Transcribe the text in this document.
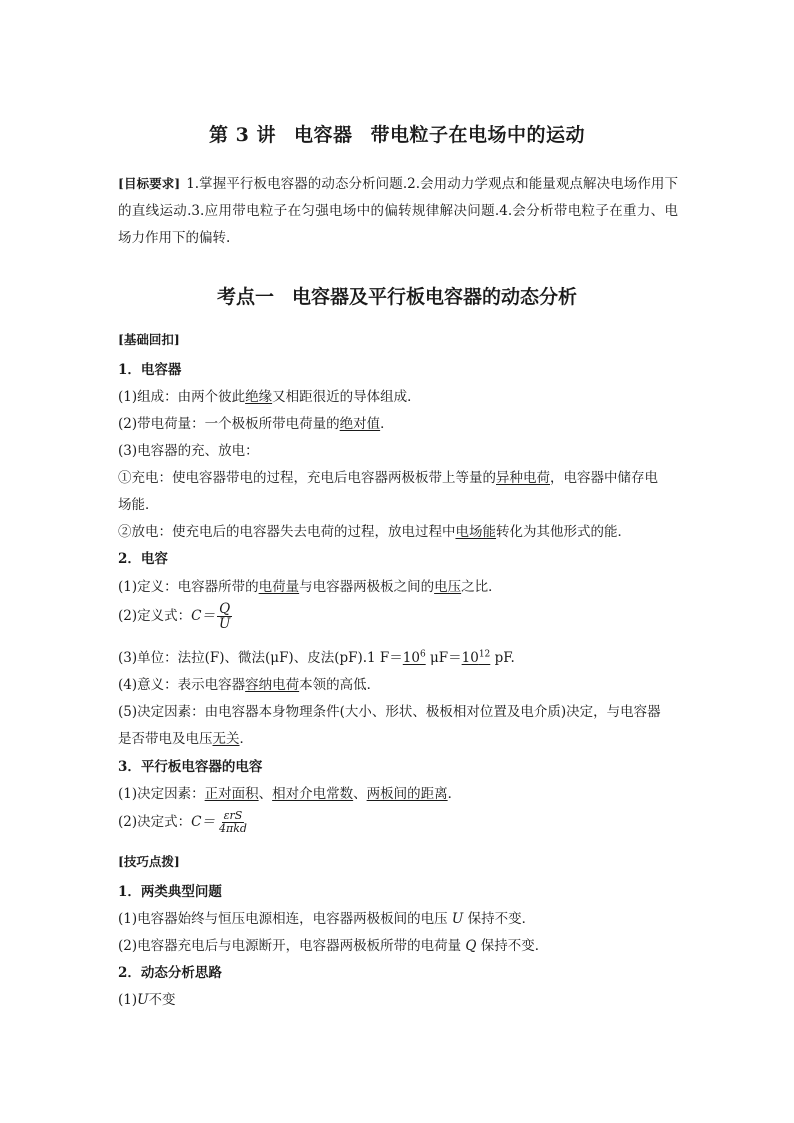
第 3 讲 电容器 带电粒子在电场中的运动
[目标要求] 1.掌握平行板电容器的动态分析问题.2.会用动力学观点和能量观点解决电场作用下的直线运动.3.应用带电粒子在匀强电场中的偏转规律解决问题.4.会分析带电粒子在重力、电场力作用下的偏转.
考点一 电容器及平行板电容器的动态分析
[基础回扣]
1．电容器
(1)组成：由两个彼此绝缘又相距很近的导体组成．
(2)带电荷量：一个极板所带电荷量的绝对值．
(3)电容器的充、放电：
①充电：使电容器带电的过程，充电后电容器两极板带上等量的异种电荷，电容器中储存电
场能．
②放电：使充电后的电容器失去电荷的过程，放电过程中电场能转化为其他形式的能．
2．电容
(1)定义：电容器所带的电荷量与电容器两极板之间的电压之比．
(2)定义式：$C= \frac{Q}{U}$
(3)单位：法拉(F)、微法(μF)、皮法(pF).1 $F=10^6$ $\mu F=10^{12}$ pF.
(4)意义：表示电容器容纳电荷本领的高低．
(5)决定因素：由电容器本身物理条件(大小、形状、极板相对位置及电介质)决定，与电容器
是否带电及电压无关．
3．平行板电容器的电容
(1)决定因素：正对面积、相对介电常数、两板间的距离．
(2)决定式：$C= \frac{\text{εrS}}{\text{4πkd}}$
[技巧点拨]
1．两类典型问题
(1)电容器始终与恒压电源相连，电容器两极板间的电压 U 保持不变．
(2)电容器充电后与电源断开，电容器两极板所带的电荷量 Q 保持不变．
2．动态分析思路
(1)U不变
